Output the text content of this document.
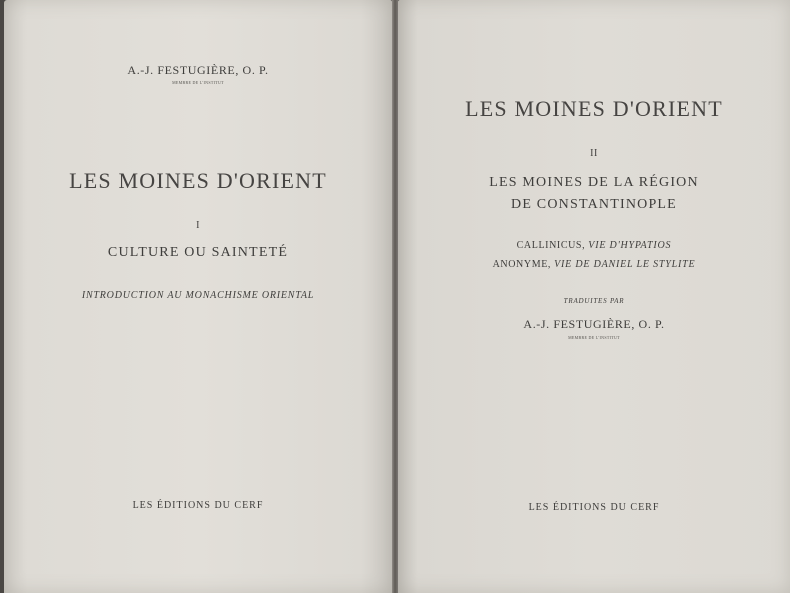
A.-J. FESTUGIÈRE, O. P.
MEMBRE DE L'INSTITUT
LES MOINES D'ORIENT
I
CULTURE OU SAINTETÉ
INTRODUCTION AU MONACHISME ORIENTAL
LES ÉDITIONS DU CERF
LES MOINES D'ORIENT
II
LES MOINES DE LA RÉGION
DE CONSTANTINOPLE
CALLINICUS, VIE D'HYPATIOS
ANONYME, VIE DE DANIEL LE STYLITE
TRADUITES PAR
A.-J. FESTUGIÈRE, O. P.
MEMBRE DE L'INSTITUT
LES ÉDITIONS DU CERF
